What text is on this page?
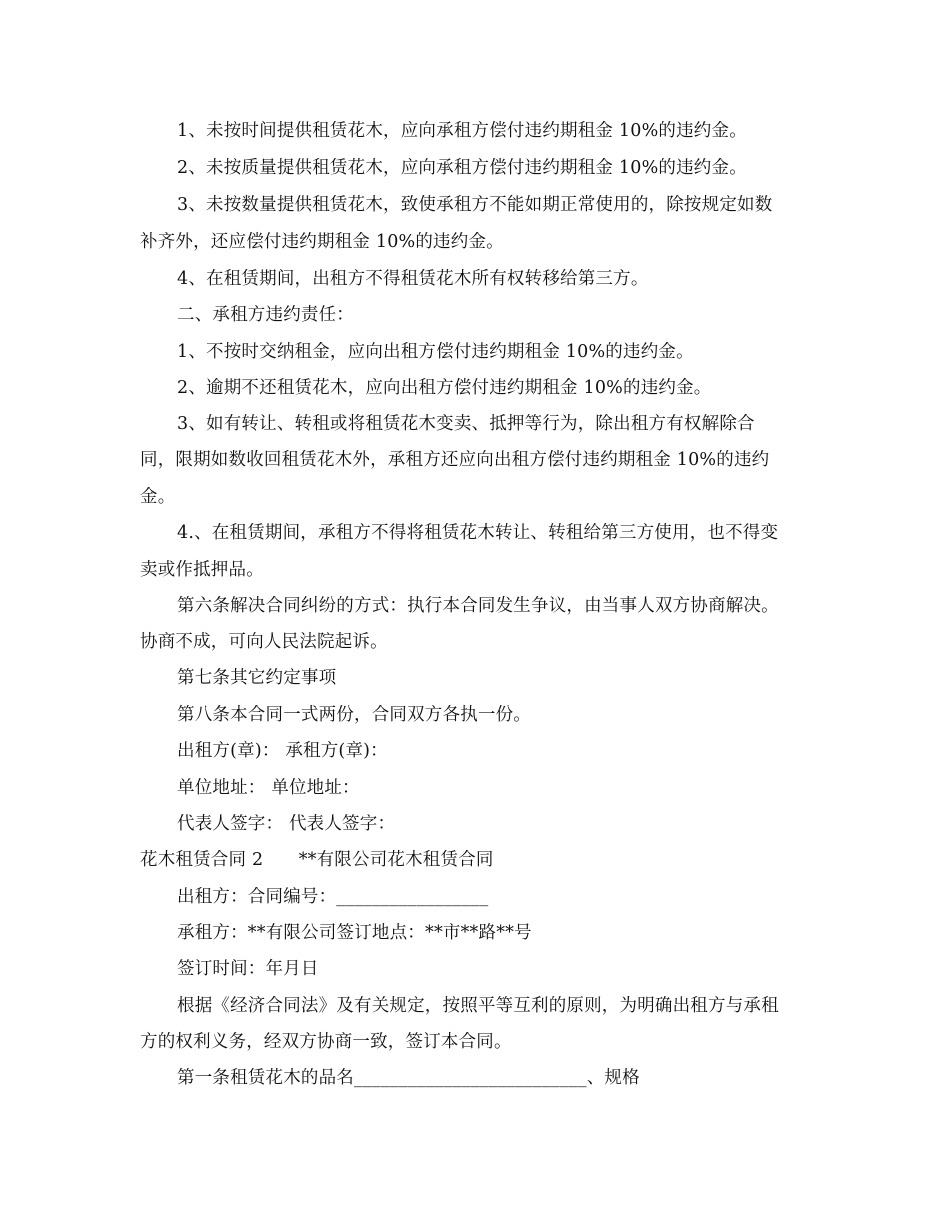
1、未按时间提供租赁花木，应向承租方偿付违约期租金 10%的违约金。
2、未按质量提供租赁花木，应向承租方偿付违约期租金 10%的违约金。
3、未按数量提供租赁花木，致使承租方不能如期正常使用的，除按规定如数
补齐外，还应偿付违约期租金 10%的违约金。
4、在租赁期间，出租方不得租赁花木所有权转移给第三方。
二、承租方违约责任：
1、不按时交纳租金，应向出租方偿付违约期租金 10%的违约金。
2、逾期不还租赁花木，应向出租方偿付违约期租金 10%的违约金。
3、如有转让、转租或将租赁花木变卖、抵押等行为，除出租方有权解除合
同，限期如数收回租赁花木外，承租方还应向出租方偿付违约期租金 10%的违约
金。
4.、在租赁期间，承租方不得将租赁花木转让、转租给第三方使用，也不得变
卖或作抵押品。
第六条解决合同纠纷的方式：执行本合同发生争议，由当事人双方协商解决。
协商不成，可向人民法院起诉。
第七条其它约定事项
第八条本合同一式两份，合同双方各执一份。
出租方(章)： 承租方(章)：
单位地址： 单位地址：
代表人签字： 代表人签字：
花木租赁合同 2　　**有限公司花木租赁合同
出租方：合同编号：_________________
承租方：**有限公司签订地点：**市**路**号
签订时间：年月日
根据《经济合同法》及有关规定，按照平等互利的原则，为明确出租方与承租
方的权利义务，经双方协商一致，签订本合同。
第一条租赁花木的品名__________________________、规格
